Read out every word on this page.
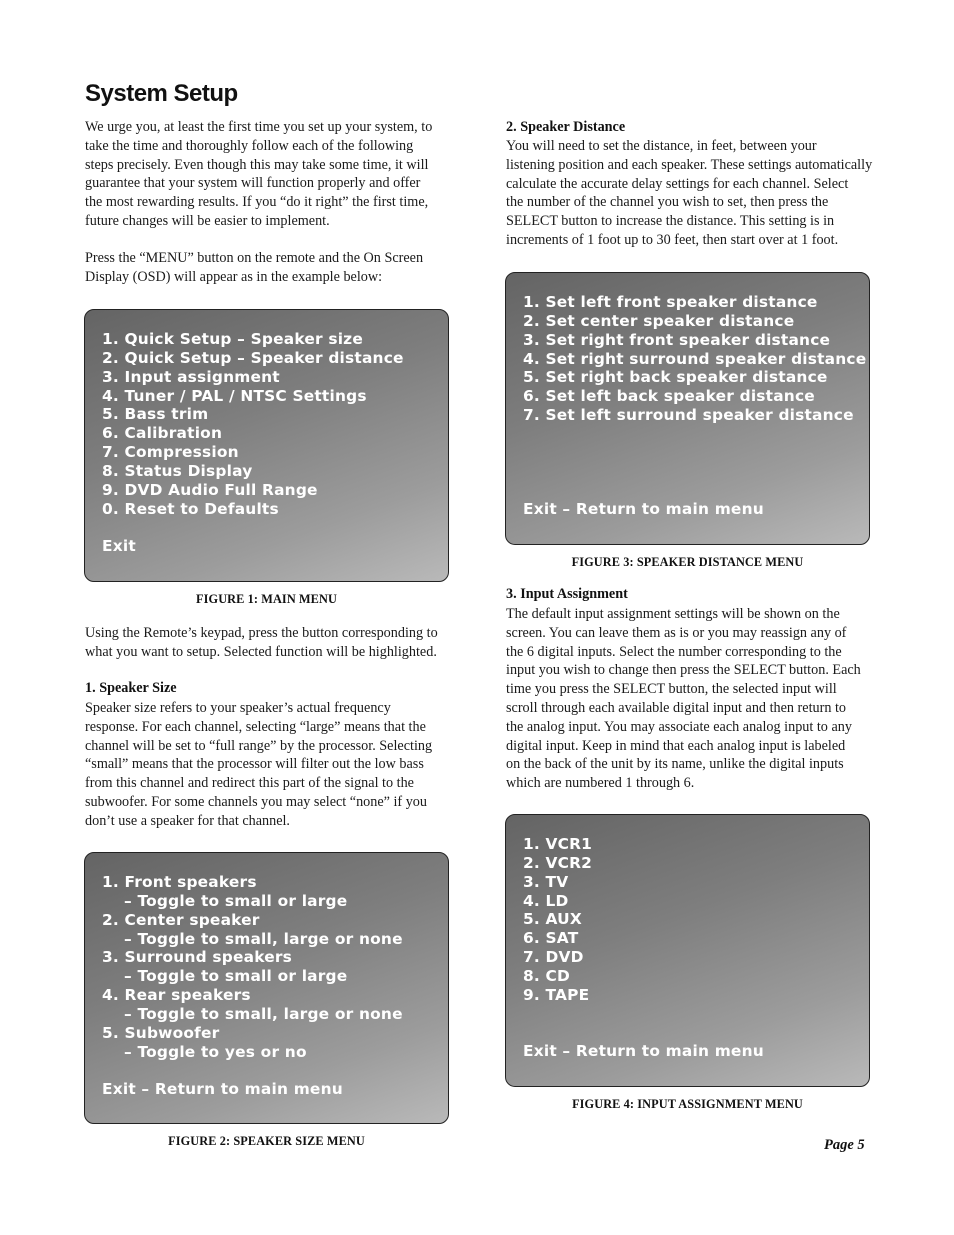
System Setup

We urge you, at least the first time you set up your system, to
take the time and thoroughly follow each of the following
steps precisely. Even though this may take some time, it will
guarantee that your system will function properly and offer
the most rewarding results. If you “do it right” the first time,
future changes will be easier to implement.

Press the “MENU” button on the remote and the On Screen
Display (OSD) will appear as in the example below:

1. Quick Setup – Speaker size
2. Quick Setup – Speaker distance
3. Input assignment
4. Tuner / PAL / NTSC Settings
5. Bass trim
6. Calibration
7. Compression
8. Status Display
9. DVD Audio Full Range
0. Reset to Defaults
Exit
FIGURE 1: MAIN MENU

Using the Remote’s keypad, press the button corresponding to
what you want to setup. Selected function will be highlighted.

1. Speaker Size

Speaker size refers to your speaker’s actual frequency
response. For each channel, selecting “large” means that the
channel will be set to “full range” by the processor. Selecting
“small” means that the processor will filter out the low bass
from this channel and redirect this part of the signal to the
subwoofer. For some channels you may select “none” if you
don’t use a speaker for that channel.

1. Front speakers
– Toggle to small or large
2. Center speaker
– Toggle to small, large or none
3. Surround speakers
– Toggle to small or large
4. Rear speakers
– Toggle to small, large or none
5. Subwoofer
– Toggle to yes or no
Exit – Return to main menu
FIGURE 2: SPEAKER SIZE MENU
2. Speaker Distance

You will need to set the distance, in feet, between your
listening position and each speaker. These settings automatically
calculate the accurate delay settings for each channel. Select
the number of the channel you wish to set, then press the
SELECT button to increase the distance. This setting is in
increments of 1 foot up to 30 feet, then start over at 1 foot.

1. Set left front speaker distance
2. Set center speaker distance
3. Set right front speaker distance
4. Set right surround speaker distance
5. Set right back speaker distance
6. Set left back speaker distance
7. Set left surround speaker distance
Exit – Return to main menu
FIGURE 3: SPEAKER DISTANCE MENU
3. Input Assignment

The default input assignment settings will be shown on the
screen. You can leave them as is or you may reassign any of
the 6 digital inputs. Select the number corresponding to the
input you wish to change then press the SELECT button. Each
time you press the SELECT button, the selected input will
scroll through each available digital input and then return to
the analog input. You may associate each analog input to any
digital input. Keep in mind that each analog input is labeled
on the back of the unit by its name, unlike the digital inputs
which are numbered 1 through 6.

1. VCR1
2. VCR2
3. TV
4. LD
5. AUX
6. SAT
7. DVD
8. CD
9. TAPE
Exit – Return to main menu
FIGURE 4: INPUT ASSIGNMENT MENU
Page 5
